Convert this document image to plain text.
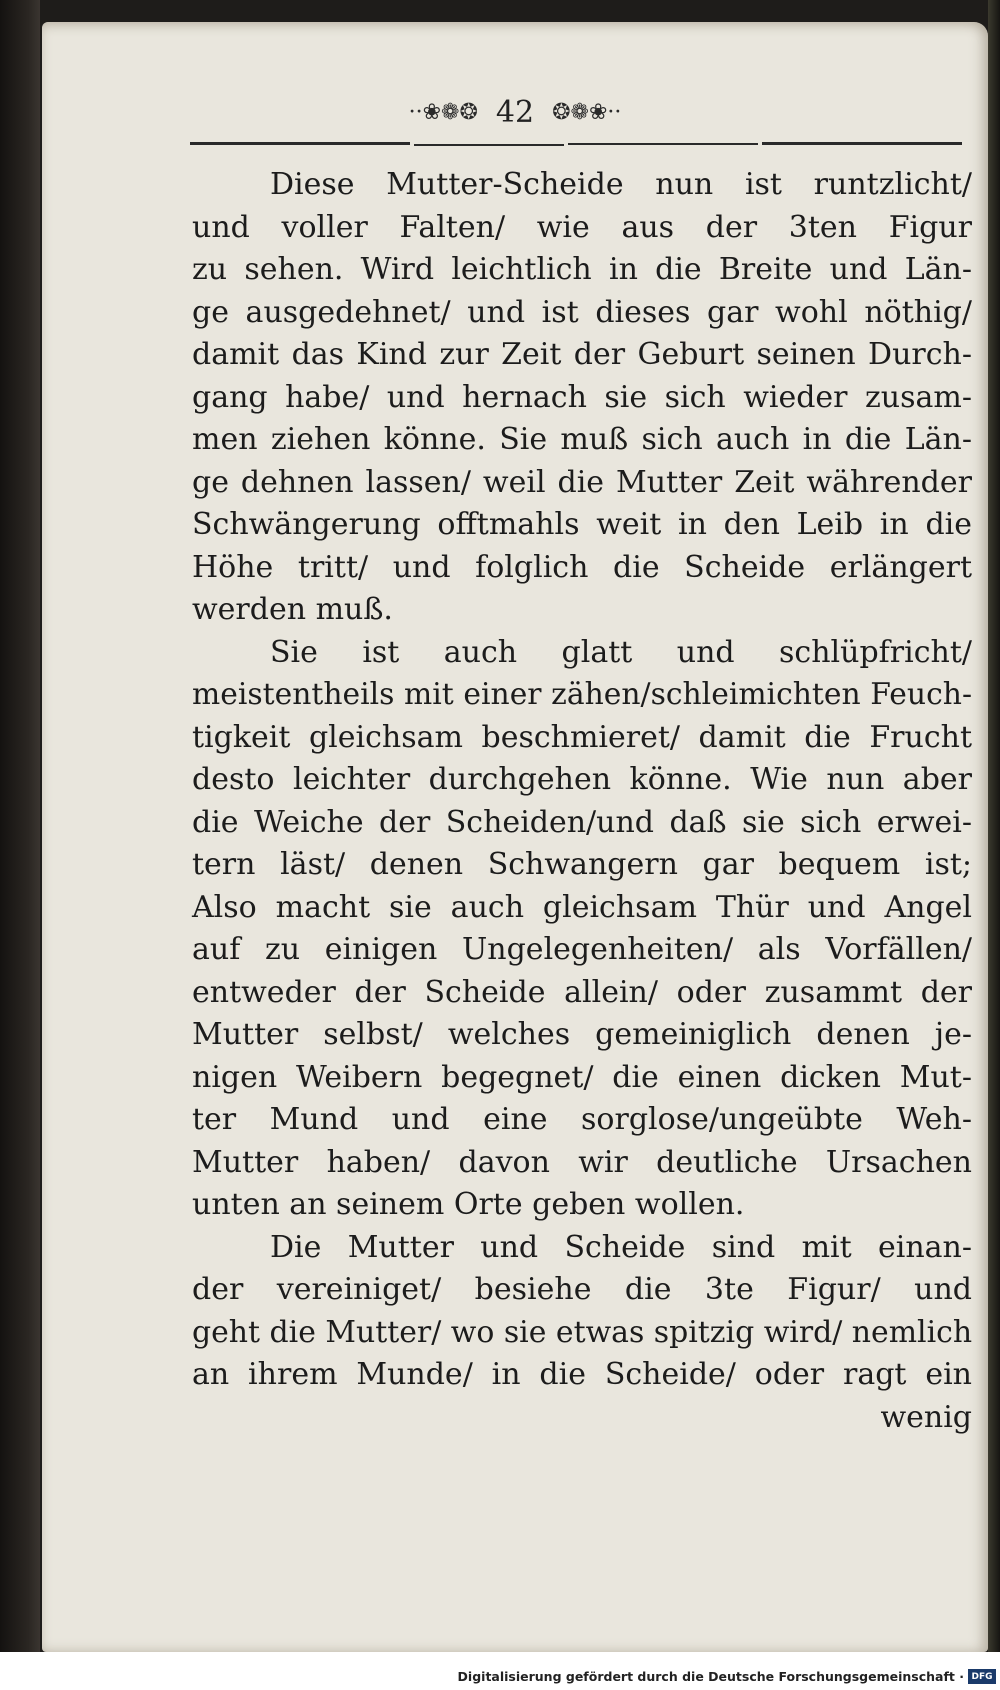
··❀❁❂ 42 ❂❁❀··
Diese Mutter-Scheide nun ist runtzlicht/
und voller Falten/ wie aus der 3ten Figur
zu sehen. Wird leichtlich in die Breite und Län-
ge ausgedehnet/ und ist dieses gar wohl nöthig/
damit das Kind zur Zeit der Geburt seinen Durch-
gang habe/ und hernach sie sich wieder zusam-
men ziehen könne. Sie muß sich auch in die Län-
ge dehnen lassen/ weil die Mutter Zeit währender
Schwängerung offtmahls weit in den Leib in die
Höhe tritt/ und folglich die Scheide erlängert
werden muß.
Sie ist auch glatt und schlüpfricht/
meistentheils mit einer zähen/schleimichten Feuch-
tigkeit gleichsam beschmieret/ damit die Frucht
desto leichter durchgehen könne. Wie nun aber
die Weiche der Scheiden/und daß sie sich erwei-
tern läst/ denen Schwangern gar bequem ist;
Also macht sie auch gleichsam Thür und Angel
auf zu einigen Ungelegenheiten/ als Vorfällen/
entweder der Scheide allein/ oder zusammt der
Mutter selbst/ welches gemeiniglich denen je-
nigen Weibern begegnet/ die einen dicken Mut-
ter Mund und eine sorglose/ungeübte Weh-
Mutter haben/ davon wir deutliche Ursachen
unten an seinem Orte geben wollen.
Die Mutter und Scheide sind mit einan-
der vereiniget/ besiehe die 3te Figur/ und
geht die Mutter/ wo sie etwas spitzig wird/ nemlich
an ihrem Munde/ in die Scheide/ oder ragt ein
wenig
Digitalisierung gefördert durch die Deutsche Forschungsgemeinschaft · DFG
